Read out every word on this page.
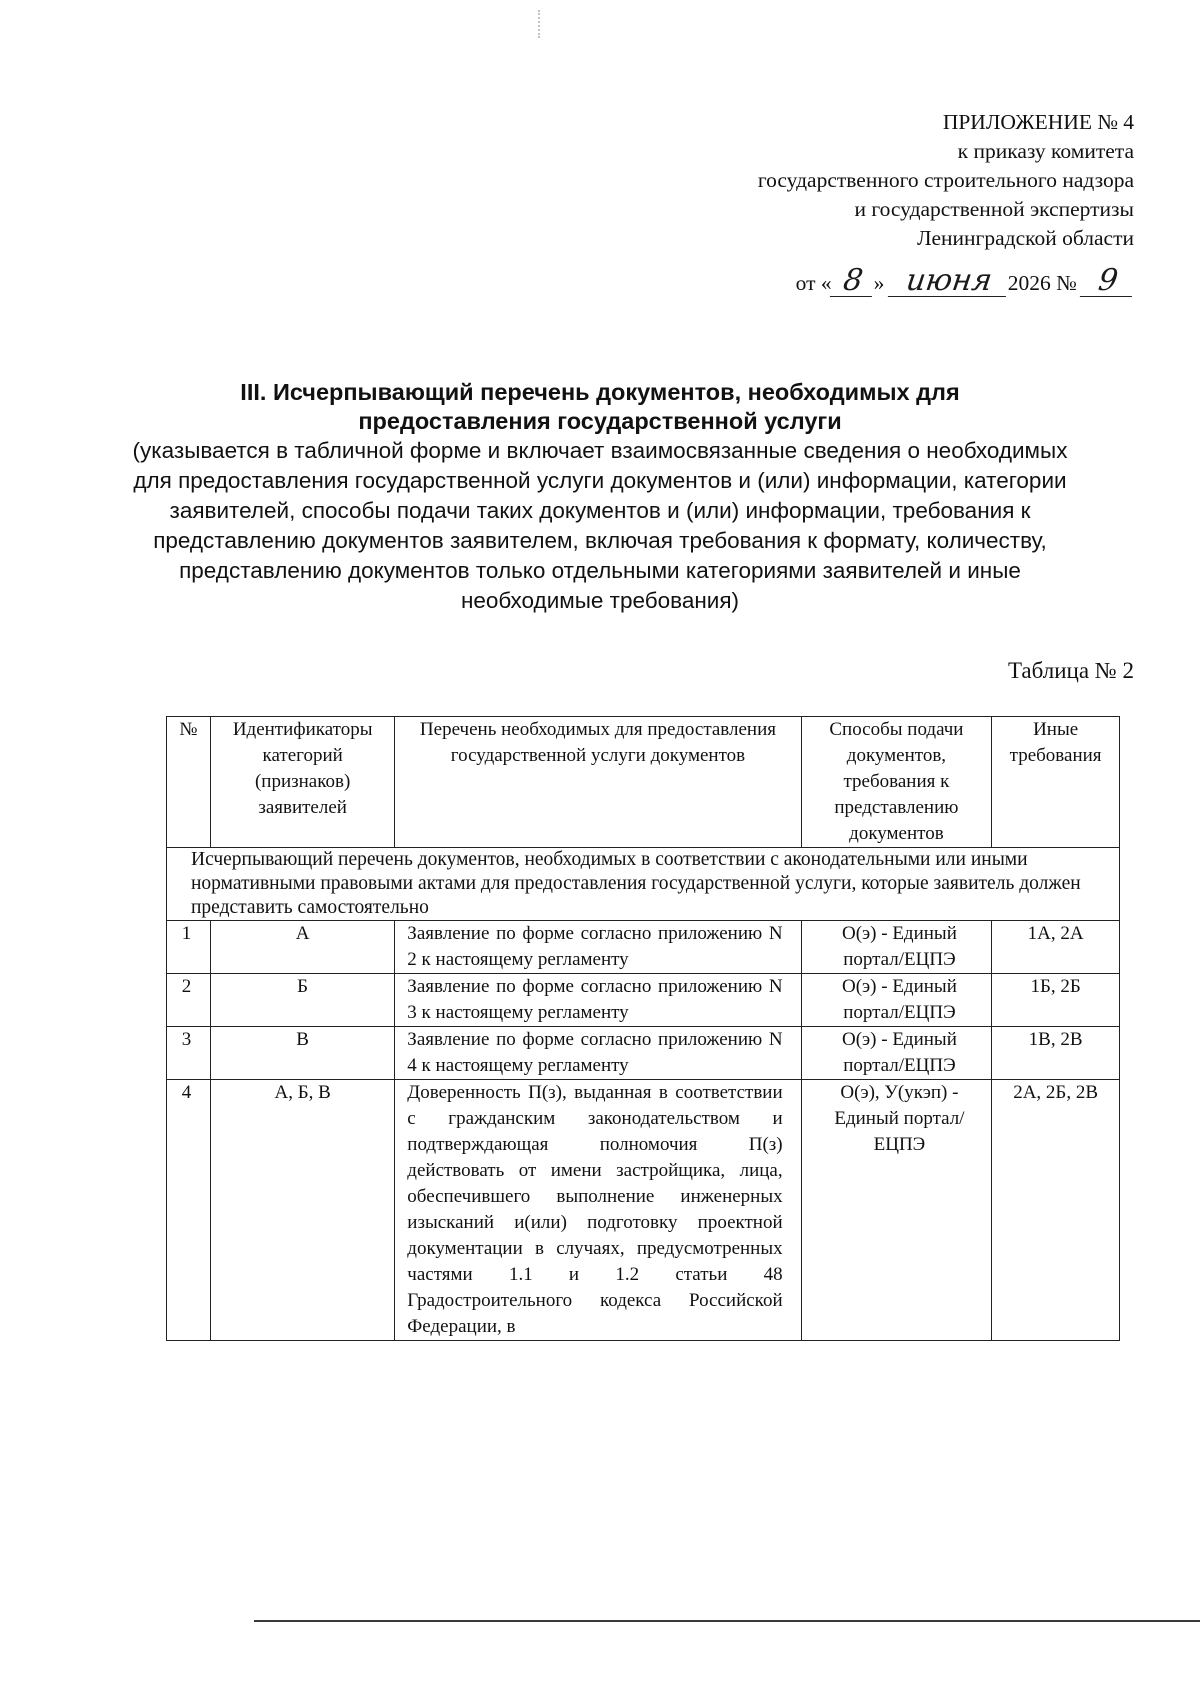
ПРИЛОЖЕНИЕ № 4
к приказу комитета
государственного строительного надзора
и государственной экспертизы
Ленинградской области
от « 8 » июня 2026 № 9
III. Исчерпывающий перечень документов, необходимых для
предоставления государственной услуги
(указывается в табличной форме и включает взаимосвязанные сведения о необходимых для предоставления государственной услуги документов и (или) информации, категории заявителей, способы подачи таких документов и (или) информации, требования к представлению документов заявителем, включая требования к формату, количеству, представлению документов только отдельными категориями заявителей и иные необходимые требования)
Таблица № 2
№	Идентификаторы категорий (признаков) заявителей	Перечень необходимых для предоставления государственной услуги документов	Способы подачи документов, требования к представлению документов	Иные требования
Исчерпывающий перечень документов, необходимых в соответствии с аконодательными или иными нормативными правовыми актами для предоставления государственной услуги, которые заявитель должен представить самостоятельно				
1	А	Заявление по форме согласно приложению N 2 к настоящему регламенту	О(э) - Единый портал/ЕЦПЭ	1А, 2А
2	Б	Заявление по форме согласно приложению N 3 к настоящему регламенту	О(э) - Единый портал/ЕЦПЭ	1Б, 2Б
3	В	Заявление по форме согласно приложению N 4 к настоящему регламенту	О(э) - Единый портал/ЕЦПЭ	1В, 2В
4	А, Б, В	Доверенность П(з), выданная в соответствии с гражданским законодательством и подтверждающая полномочия П(з) действовать от имени застройщика, лица, обеспечившего выполнение инженерных изысканий и(или) подготовку проектной документации в случаях, предусмотренных частями 1.1 и 1.2 статьи 48 Градостроительного кодекса Российской Федерации, в	О(э), У(укэп) - Единый портал/ЕЦПЭ	2А, 2Б, 2В
